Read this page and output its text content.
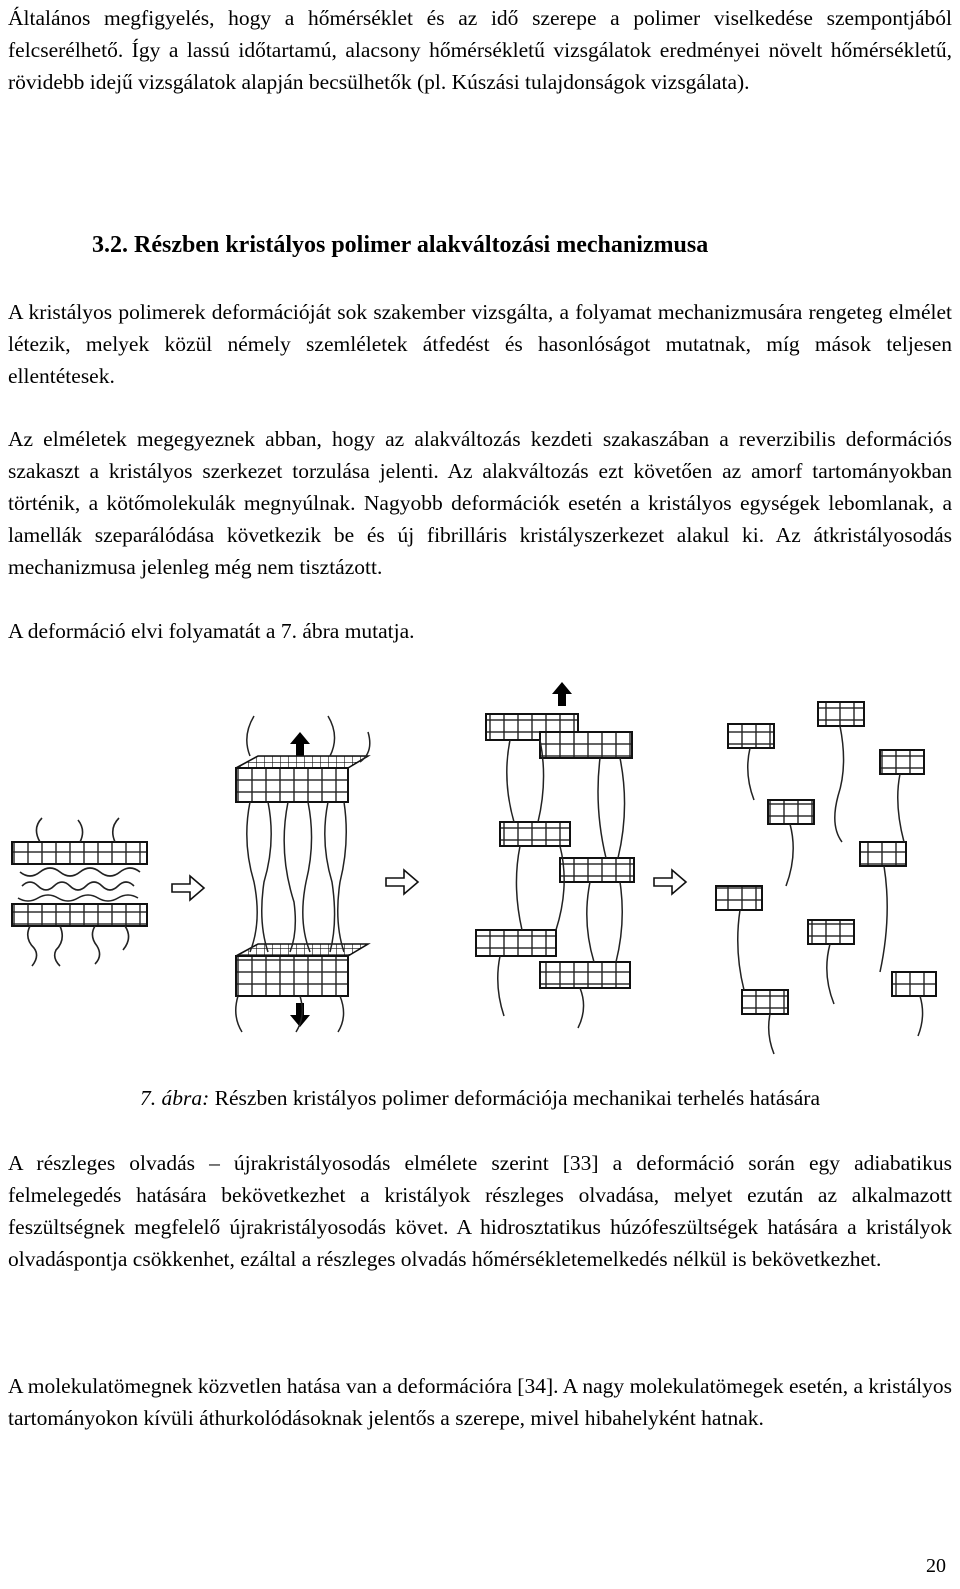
Általános megfigyelés, hogy a hőmérséklet és az idő szerepe a polimer viselkedése szempontjából felcserélhető. Így a lassú időtartamú, alacsony hőmérsékletű vizsgálatok eredményei növelt hőmérsékletű, rövidebb idejű vizsgálatok alapján becsülhetők (pl. Kúszási tulajdonságok vizsgálata).

3.2. Részben kristályos polimer alakváltozási mechanizmusa

A kristályos polimerek deformációját sok szakember vizsgálta, a folyamat mechanizmusára rengeteg elmélet létezik, melyek közül némely szemléletek átfedést és hasonlóságot mutatnak, míg mások teljesen ellentétesek.

Az elméletek megegyeznek abban, hogy az alakváltozás kezdeti szakaszában a reverzibilis deformációs szakaszt a kristályos szerkezet torzulása jelenti. Az alakváltozás ezt követően az amorf tartományokban történik, a kötőmolekulák megnyúlnak. Nagyobb deformációk esetén a kristályos egységek lebomlanak, a lamellák szeparálódása következik be és új fibrilláris kristályszerkezet alakul ki. Az átkristályosodás mechanizmusa jelenleg még nem tisztázott.

A deformáció elvi folyamatát a 7. ábra mutatja.

7. ábra: Részben kristályos polimer deformációja mechanikai terhelés hatására

A részleges olvadás – újrakristályosodás elmélete szerint [33] a deformáció során egy adiabatikus felmelegedés hatására bekövetkezhet a kristályok részleges olvadása, melyet ezután az alkalmazott feszültségnek megfelelő újrakristályosodás követ. A hidrosztatikus húzófeszültségek hatására a kristályok olvadáspontja csökkenhet, ezáltal a részleges olvadás hőmérsékletemelkedés nélkül is bekövetkezhet.

A molekulatömegnek közvetlen hatása van a deformációra [34]. A nagy molekulatömegek esetén, a kristályos tartományokon kívüli áthurkolódásoknak jelentős a szerepe, mivel hibahelyként hatnak.

20
